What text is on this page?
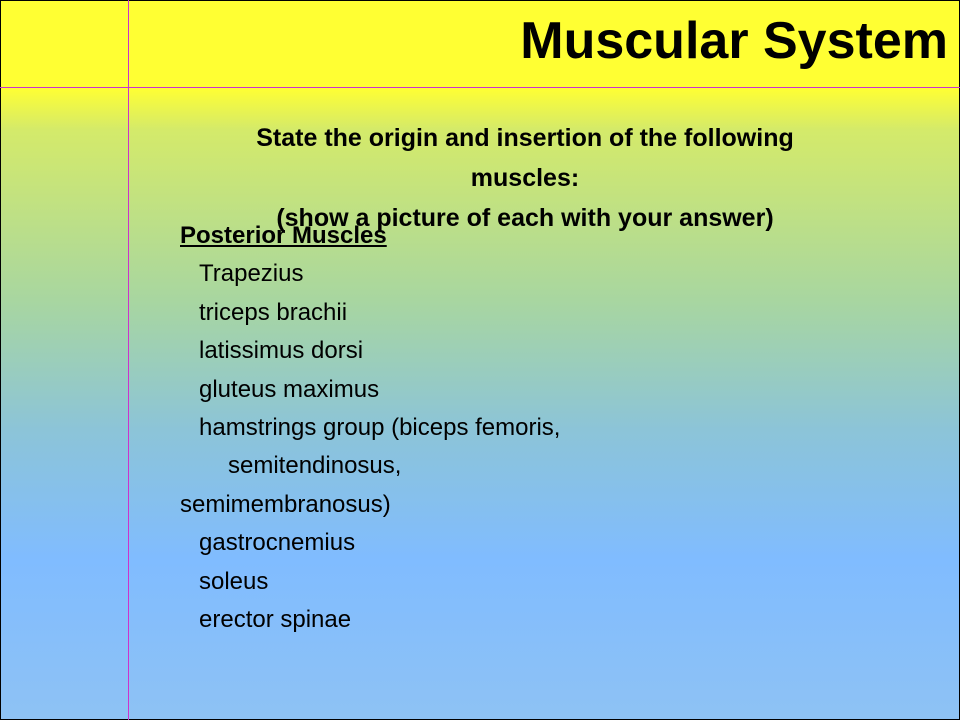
Muscular System
State the origin and insertion of the following
muscles:
(show a picture of each with your answer)
Posterior Muscles
Trapezius
triceps brachii
latissimus dorsi
gluteus maximus
hamstrings group (biceps femoris,
semitendinosus,
semimembranosus)
gastrocnemius
soleus
erector spinae
